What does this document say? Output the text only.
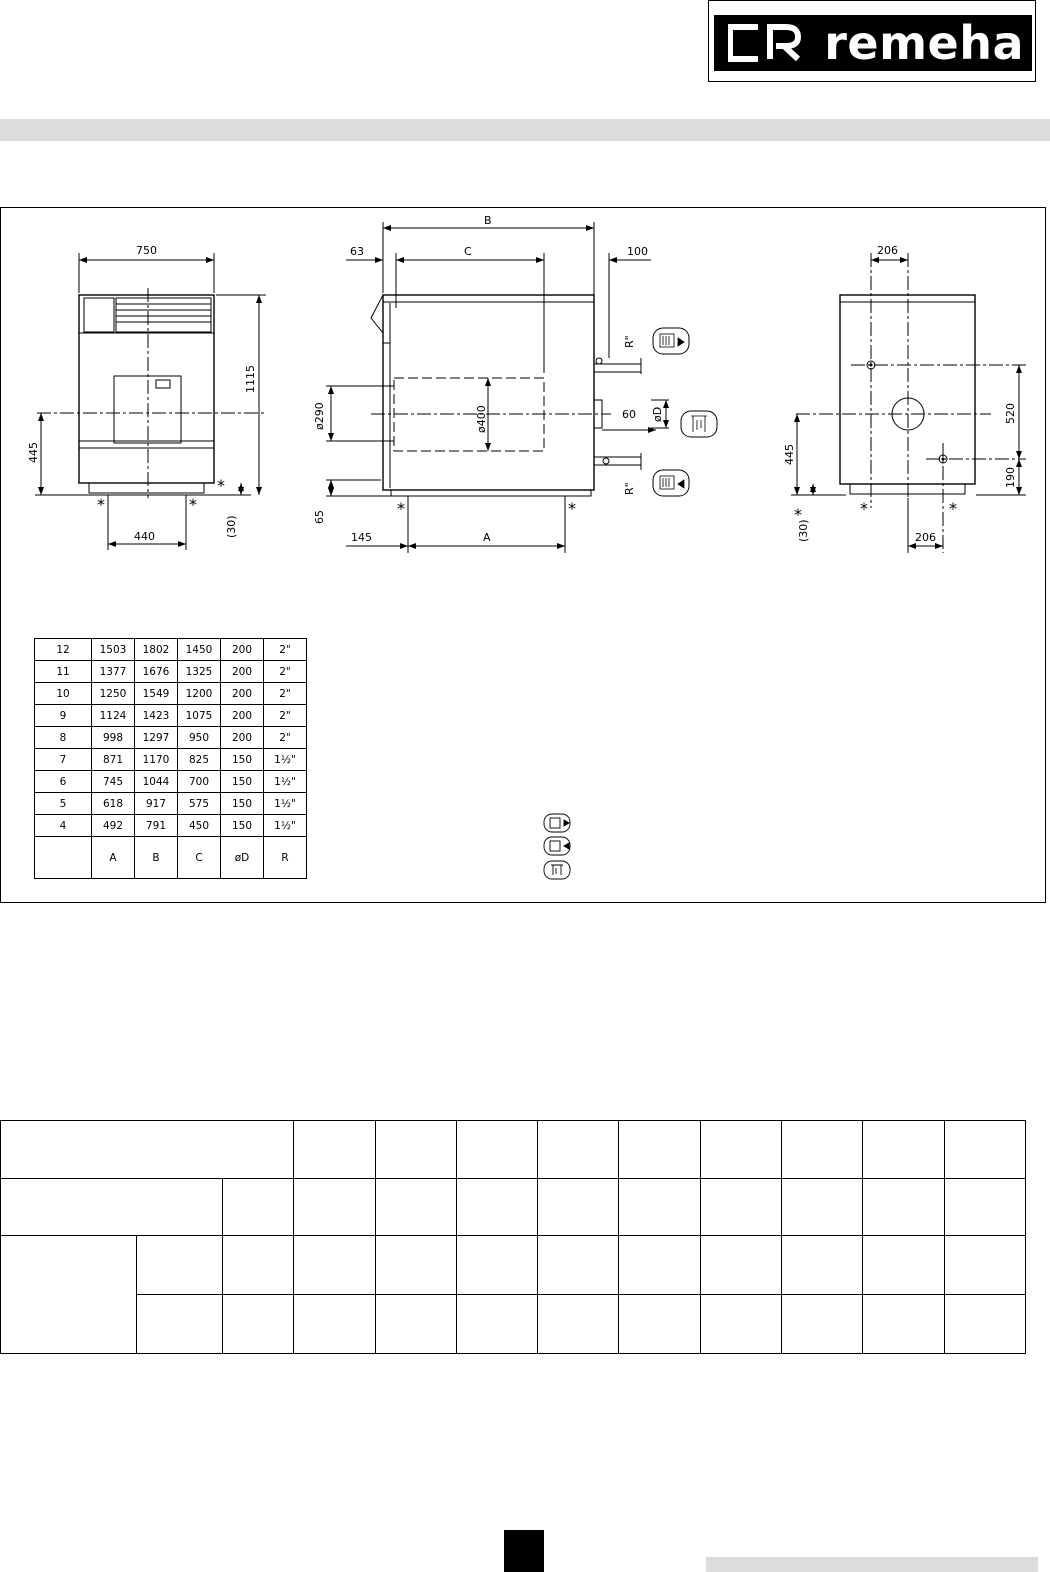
remeha
750
1115
445
440	(30)
*	*
*
B
63	C	100
ø290	ø400	60 øD
65
145	A
R"
R"
*	*
206
520
190
445
(30)	206
*	*	*
12	1503	1802	1450	200	2"
11	1377	1676	1325	200	2"
10	1250	1549	1200	200	2"
9	1124	1423	1075	200	2"
8	998	1297	950	200	2"
7	871	1170	825	150	1½"
6	745	1044	700	150	1½"
5	618	917	575	150	1½"
4	492	791	450	150	1½"
	A	B	C	øD	R
